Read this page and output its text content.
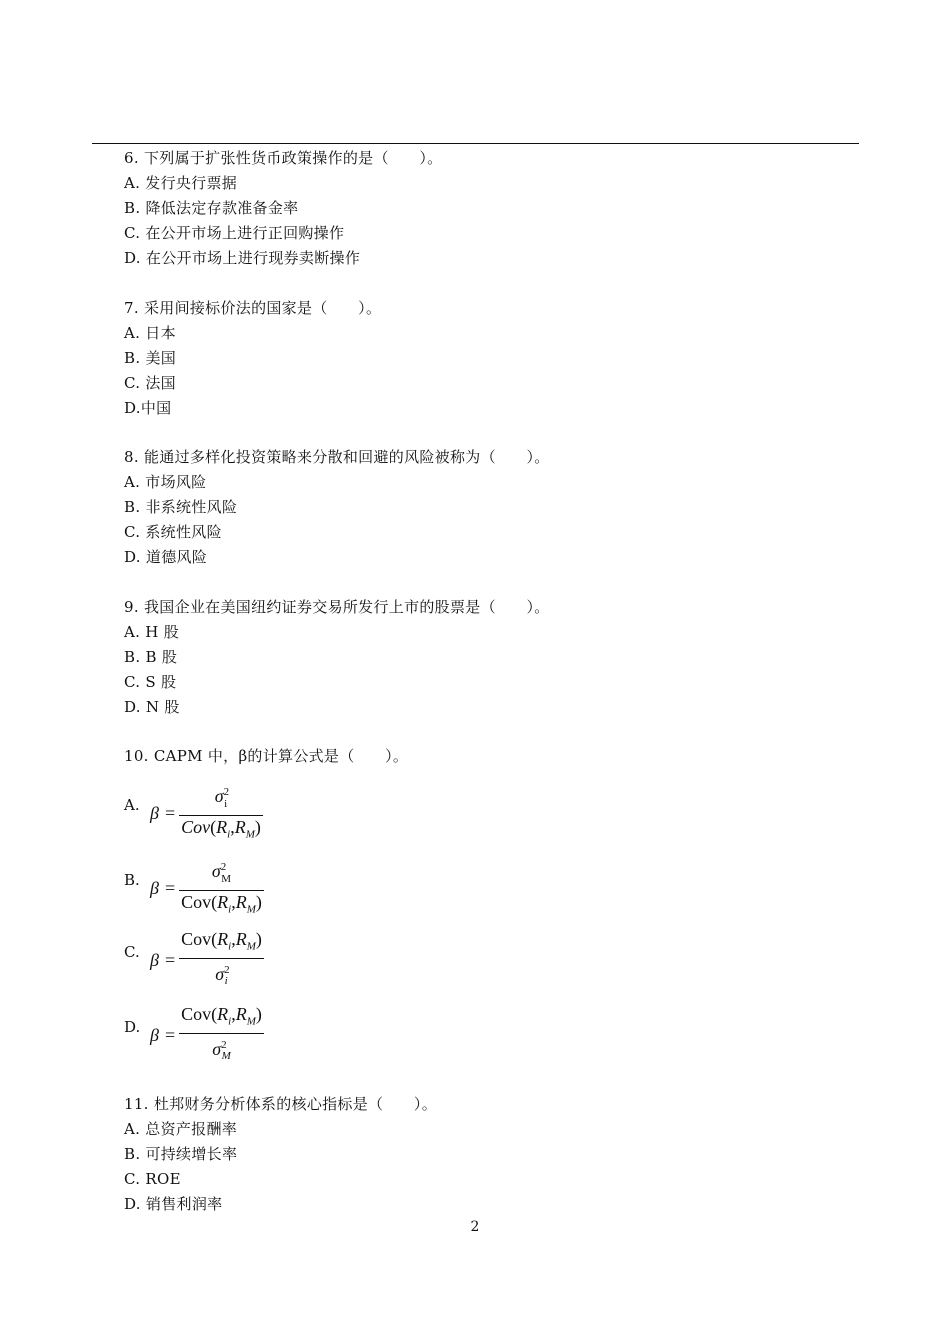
6. 下列属于扩张性货币政策操作的是（　　）。
A. 发行央行票据
B. 降低法定存款准备金率
C. 在公开市场上进行正回购操作
D. 在公开市场上进行现券卖断操作
7. 采用间接标价法的国家是（　　）。
A. 日本
B. 美国
C. 法国
D.中国
8. 能通过多样化投资策略来分散和回避的风险被称为（　　）。
A. 市场风险
B. 非系统性风险
C. 系统性风险
D. 道德风险
9. 我国企业在美国纽约证券交易所发行上市的股票是（　　）。
A. H 股
B. B 股
C. S 股
D. N 股
10. CAPM 中，β的计算公式是（　　）。
A. $\beta = \frac{\sigma^2_i}{Cov(R_i,R_M)}$
B. $\beta = \frac{\sigma^2_M}{Cov(R_i,R_M)}$
C. $\beta = \frac{Cov(R_i,R_M)}{\sigma^2_i}$
D. $\beta = \frac{Cov(R_i,R_M)}{\sigma^2_M}$
11. 杜邦财务分析体系的核心指标是（　　）。
A. 总资产报酬率
B. 可持续增长率
C. ROE
D. 销售利润率
2
